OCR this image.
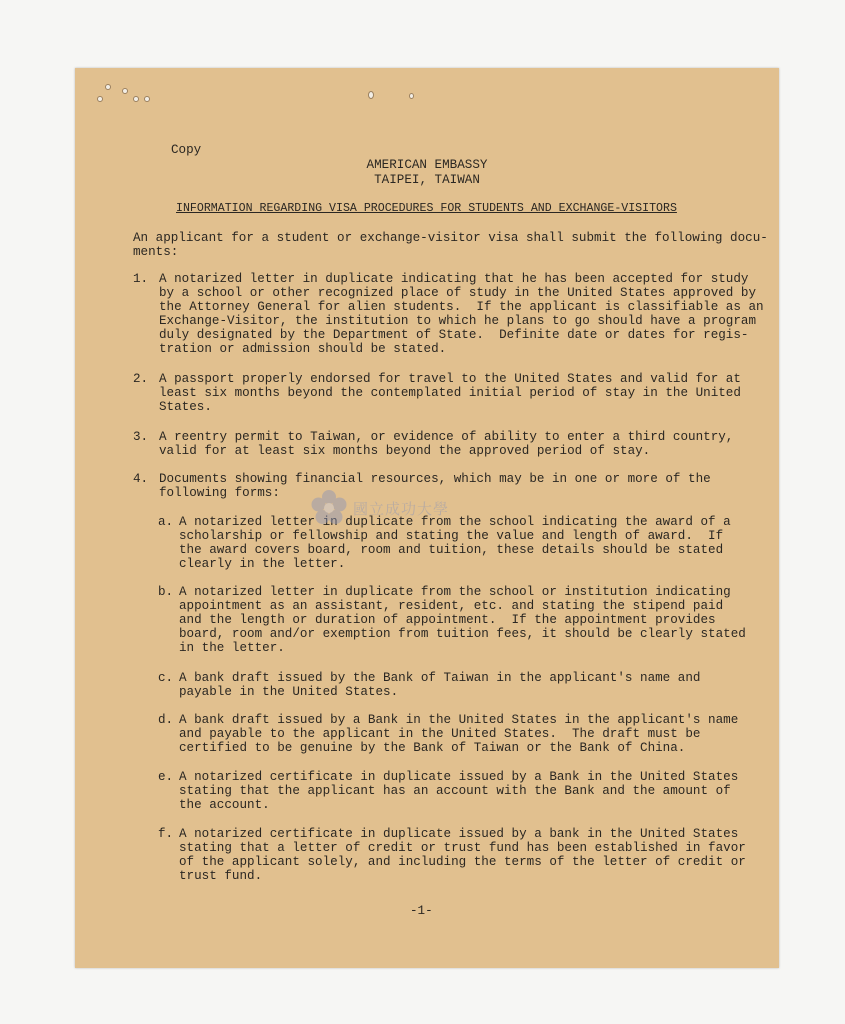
Copy
AMERICAN EMBASSY
TAIPEI, TAIWAN
INFORMATION REGARDING VISA PROCEDURES FOR STUDENTS AND EXCHANGE-VISITORS
An applicant for a student or exchange-visitor visa shall submit the following docu-
ments:
1. A notarized letter in duplicate indicating that he has been accepted for study
by a school or other recognized place of study in the United States approved by
the Attorney General for alien students.  If the applicant is classifiable as an
Exchange-Visitor, the institution to which he plans to go should have a program
duly designated by the Department of State.  Definite date or dates for regis-
tration or admission should be stated.
2. A passport properly endorsed for travel to the United States and valid for at
least six months beyond the contemplated initial period of stay in the United
States.
3. A reentry permit to Taiwan, or evidence of ability to enter a third country,
valid for at least six months beyond the approved period of stay.
4. Documents showing financial resources, which may be in one or more of the
following forms:
a. A notarized letter in duplicate from the school indicating the award of a
scholarship or fellowship and stating the value and length of award.  If
the award covers board, room and tuition, these details should be stated
clearly in the letter.
b. A notarized letter in duplicate from the school or institution indicating
appointment as an assistant, resident, etc. and stating the stipend paid
and the length or duration of appointment.  If the appointment provides
board, room and/or exemption from tuition fees, it should be clearly stated
in the letter.
c. A bank draft issued by the Bank of Taiwan in the applicant's name and
payable in the United States.
d. A bank draft issued by a Bank in the United States in the applicant's name
and payable to the applicant in the United States.  The draft must be
certified to be genuine by the Bank of Taiwan or the Bank of China.
e. A notarized certificate in duplicate issued by a Bank in the United States
stating that the applicant has an account with the Bank and the amount of
the account.
f. A notarized certificate in duplicate issued by a bank in the United States
stating that a letter of credit or trust fund has been established in favor
of the applicant solely, and including the terms of the letter of credit or
trust fund.
-1-
國立成功大學
